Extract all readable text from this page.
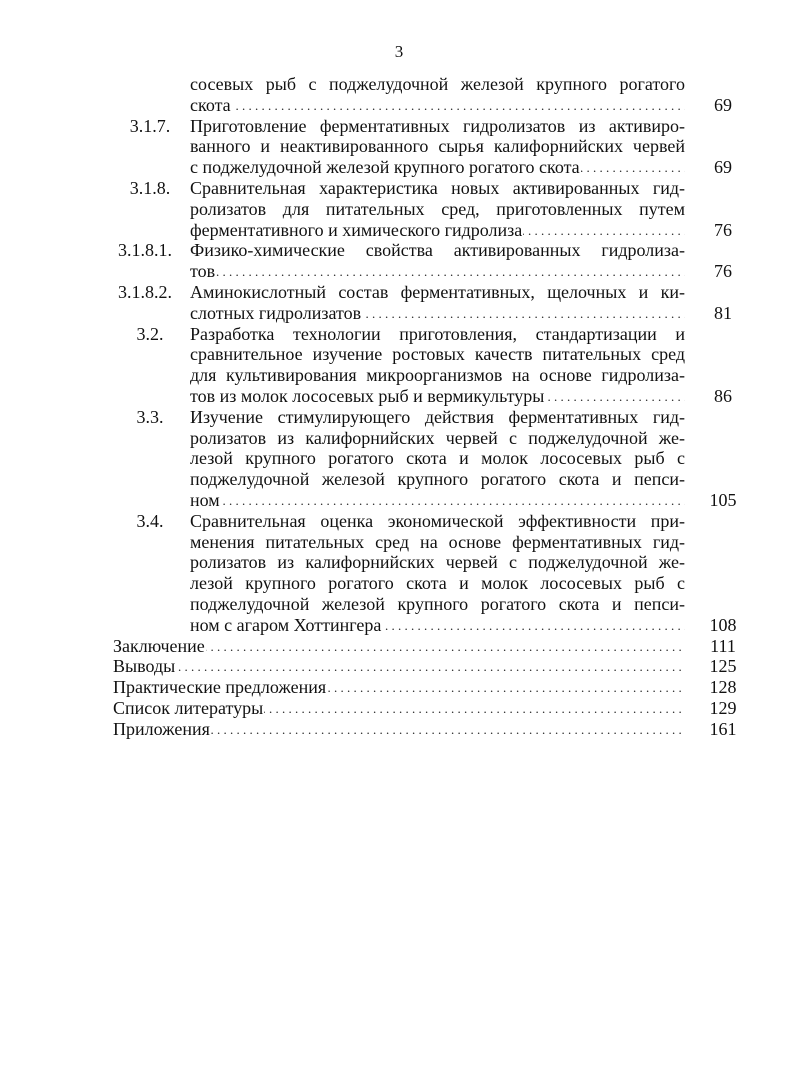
3
сосевых рыб с поджелудочной железой крупного рогатого
скота . . .	69
3.1.7.	Приготовление ферментативных гидролизатов из активиро-
ванного и неактивированного сырья калифорнийских червей
с поджелудочной железой крупного рогатого скота . . .	69
3.1.8.	Сравнительная характеристика новых активированных гид-
ролизатов для питательных сред, приготовленных путем
ферментативного и химического гидролиза . . .	76
3.1.8.1. Физико-химические свойства активированных гидролиза-
тов . . .	76
3.1.8.2. Аминокислотный состав ферментативных, щелочных и ки-
слотных гидролизатов . . .	81
3.2.	Разработка технологии приготовления, стандартизации и
сравнительное изучение ростовых качеств питательных сред
для культивирования микроорганизмов на основе гидролиза-
тов из молок лососевых рыб и вермикультуры . . .	86
3.3.	Изучение стимулирующего действия ферментативных гид-
ролизатов из калифорнийских червей с поджелудочной же-
лезой крупного рогатого скота и молок лососевых рыб с
поджелудочной железой крупного рогатого скота и пепси-
ном . . .	105
3.4.	Сравнительная оценка экономической эффективности при-
менения питательных сред на основе ферментативных гид-
ролизатов из калифорнийских червей с поджелудочной же-
лезой крупного рогатого скота и молок лососевых рыб с
поджелудочной железой крупного рогатого скота и пепси-
ном с агаром Хоттингера . . .	108
Заключение . . .	111
Выводы . . .	125
Практические предложения . . .	128
Список литературы . . .	129
Приложения . . .	161
